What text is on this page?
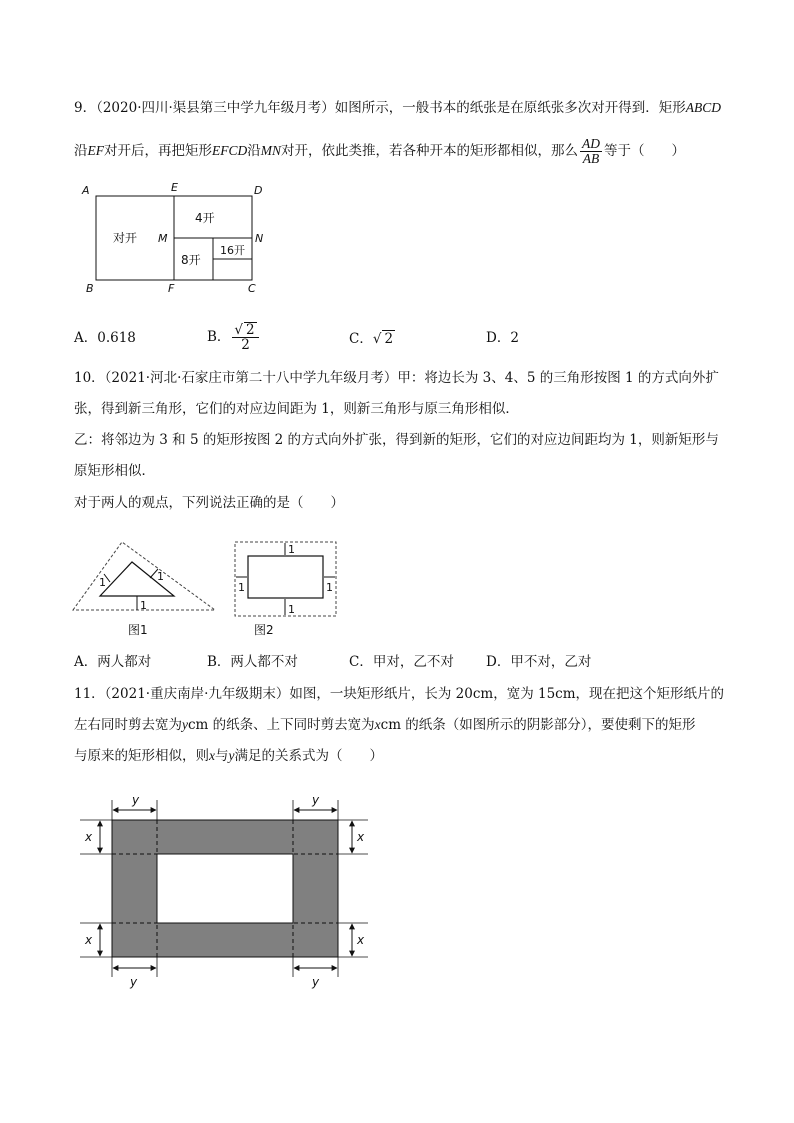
9．（2020·四川·渠县第三中学九年级月考）如图所示，一般书本的纸张是在原纸张多次对开得到．矩形ABCD
沿EF对开后，再把矩形EFCD沿MN对开，依此类推，若各种开本的矩形都相似，那么 $\frac{AD}{AB}$ 等于（　　）
A
B	C
D
E
F
M	N
对开
4开
8开
16开
A．0.618	B． $\frac{√ 2}{2}$	C．√ 2	D．2
10．（2021·河北·石家庄市第二十八中学九年级月考）甲：将边长为 3、4、5 的三角形按图 1 的方式向外扩
张，得到新三角形，它们的对应边间距为 1，则新三角形与原三角形相似．
乙：将邻边为 3 和 5 的矩形按图 2 的方式向外扩张，得到新的矩形，它们的对应边间距均为 1，则新矩形与
原矩形相似．
对于两人的观点，下列说法正确的是（　　）
1	1
1
图1
1
1
1	1
图2
A．两人都对	B．两人都不对	C．甲对，乙不对 D．甲不对，乙对
11．（2021·重庆南岸·九年级期末）如图，一块矩形纸片，长为 20cm，宽为 15cm，现在把这个矩形纸片的
左右同时剪去宽为ycm 的纸条、上下同时剪去宽为xcm 的纸条（如图所示的阴影部分），要使剩下的矩形
与原来的矩形相似，则x与y满足的关系式为（　　）
y	y
y	y
x
x
x
x
